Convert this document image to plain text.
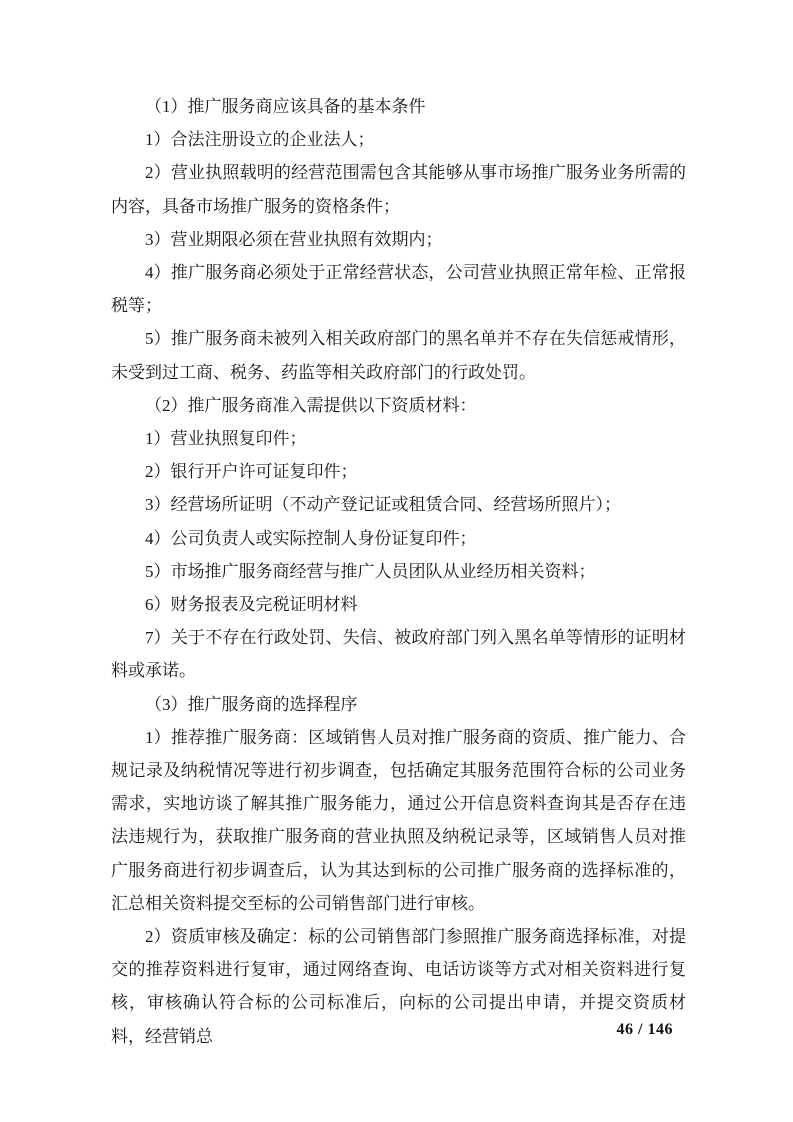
（1）推广服务商应该具备的基本条件

1）合法注册设立的企业法人；

2）营业执照载明的经营范围需包含其能够从事市场推广服务业务所需的内容，具备市场推广服务的资格条件；

3）营业期限必须在营业执照有效期内；

4）推广服务商必须处于正常经营状态，公司营业执照正常年检、正常报税等；

5）推广服务商未被列入相关政府部门的黑名单并不存在失信惩戒情形，未受到过工商、税务、药监等相关政府部门的行政处罚。

（2）推广服务商准入需提供以下资质材料：

1）营业执照复印件；

2）银行开户许可证复印件；

3）经营场所证明（不动产登记证或租赁合同、经营场所照片）；

4）公司负责人或实际控制人身份证复印件；

5）市场推广服务商经营与推广人员团队从业经历相关资料；

6）财务报表及完税证明材料

7）关于不存在行政处罚、失信、被政府部门列入黑名单等情形的证明材料或承诺。

（3）推广服务商的选择程序

1）推荐推广服务商：区域销售人员对推广服务商的资质、推广能力、合规记录及纳税情况等进行初步调查，包括确定其服务范围符合标的公司业务需求，实地访谈了解其推广服务能力，通过公开信息资料查询其是否存在违法违规行为，获取推广服务商的营业执照及纳税记录等，区域销售人员对推广服务商进行初步调查后，认为其达到标的公司推广服务商的选择标准的，汇总相关资料提交至标的公司销售部门进行审核。

2）资质审核及确定：标的公司销售部门参照推广服务商选择标准，对提交的推荐资料进行复审，通过网络查询、电话访谈等方式对相关资料进行复核，审核确认符合标的公司标准后，向标的公司提出申请，并提交资质材料，经营销总	46 / 146
